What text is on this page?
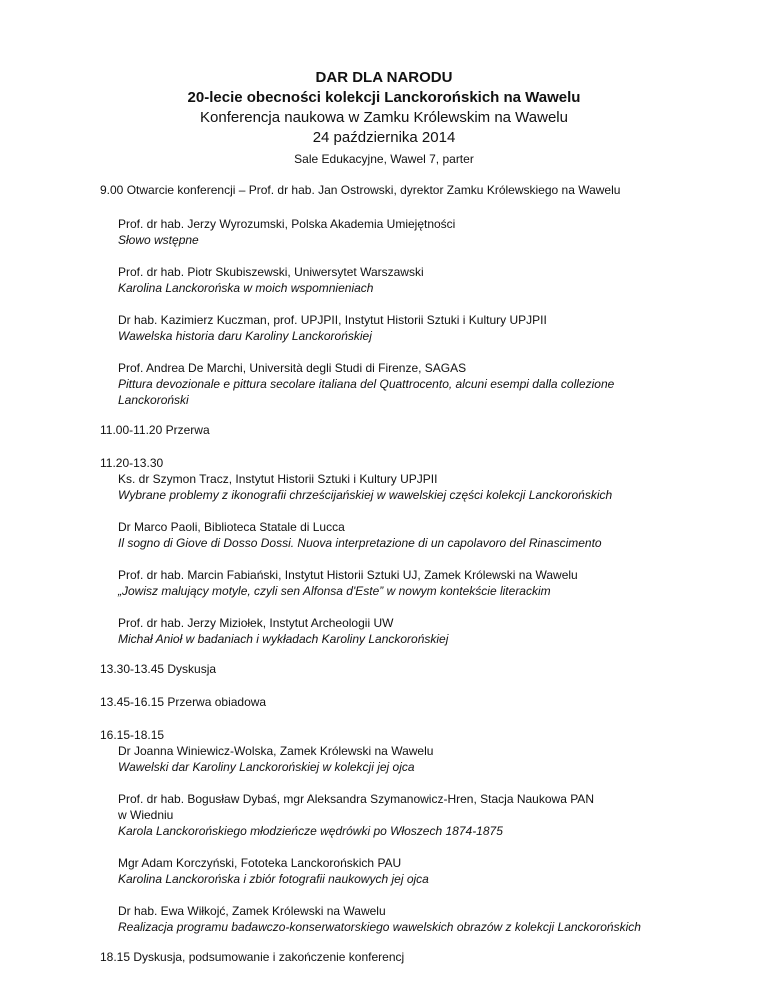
DAR DLA NARODU
20-lecie obecności kolekcji Lanckorońskich na Wawelu
Konferencja naukowa w Zamku Królewskim na Wawelu
24 października 2014
Sale Edukacyjne, Wawel 7, parter
9.00 Otwarcie konferencji – Prof. dr hab. Jan Ostrowski, dyrektor Zamku Królewskiego na Wawelu
Prof. dr hab. Jerzy Wyrozumski, Polska Akademia Umiejętności
Słowo wstępne
Prof. dr hab. Piotr Skubiszewski, Uniwersytet Warszawski
Karolina Lanckorońska w moich wspomnieniach
Dr hab. Kazimierz Kuczman, prof. UPJPII, Instytut Historii Sztuki i Kultury UPJPII
Wawelska historia daru Karoliny Lanckorońskiej
Prof. Andrea De Marchi, Università degli Studi di Firenze, SAGAS
Pittura devozionale e pittura secolare italiana del Quattrocento, alcuni esempi dalla collezione
Lanckoroński
11.00-11.20 Przerwa
11.20-13.30
Ks. dr Szymon Tracz, Instytut Historii Sztuki i Kultury UPJPII
Wybrane problemy z ikonografii chrześcijańskiej w wawelskiej części kolekcji Lanckorońskich
Dr Marco Paoli, Biblioteca Statale di Lucca
Il sogno di Giove di Dosso Dossi. Nuova interpretazione di un capolavoro del Rinascimento
Prof. dr hab. Marcin Fabiański, Instytut Historii Sztuki UJ, Zamek Królewski na Wawelu
„Jowisz malujący motyle, czyli sen Alfonsa d'Este” w nowym kontekście literackim
Prof. dr hab. Jerzy Miziołek, Instytut Archeologii UW
Michał Anioł w badaniach i wykładach Karoliny Lanckorońskiej
13.30-13.45 Dyskusja
13.45-16.15 Przerwa obiadowa
16.15-18.15
Dr Joanna Winiewicz-Wolska, Zamek Królewski na Wawelu
Wawelski dar Karoliny Lanckorońskiej w kolekcji jej ojca
Prof. dr hab. Bogusław Dybaś, mgr Aleksandra Szymanowicz-Hren, Stacja Naukowa PAN
w Wiedniu
Karola Lanckorońskiego młodzieńcze wędrówki po Włoszech 1874-1875
Mgr Adam Korczyński, Fototeka Lanckorońskich PAU
Karolina Lanckorońska i zbiór fotografii naukowych jej ojca
Dr hab. Ewa Wiłkojć, Zamek Królewski na Wawelu
Realizacja programu badawczo-konserwatorskiego wawelskich obrazów z kolekcji Lanckorońskich
18.15 Dyskusja, podsumowanie i zakończenie konferencj
